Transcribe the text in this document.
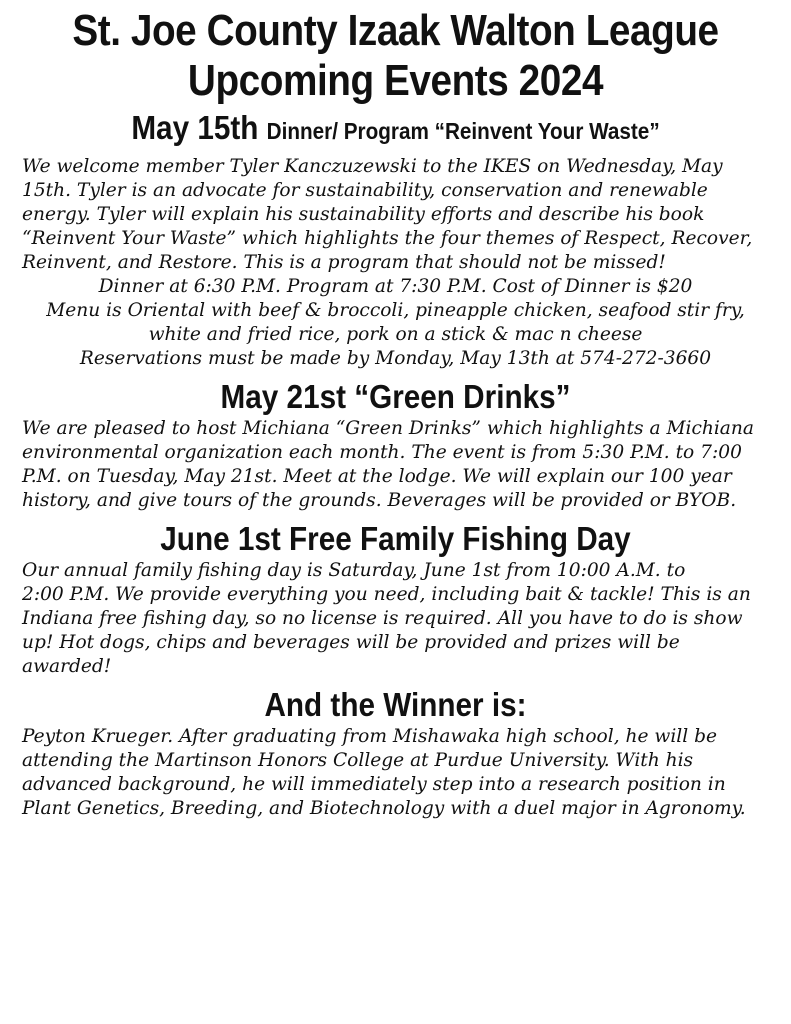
St. Joe County Izaak Walton League
Upcoming Events 2024
May 15th Dinner/ Program “Reinvent Your Waste”
We welcome member Tyler Kanczuzewski to the IKES on Wednesday, May
15th. Tyler is an advocate for sustainability, conservation and renewable
energy. Tyler will explain his sustainability efforts and describe his book
“Reinvent Your Waste” which highlights the four themes of Respect, Recover,
Reinvent, and Restore. This is a program that should not be missed!
Dinner at 6:30 P.M. Program at 7:30 P.M. Cost of Dinner is $20
Menu is Oriental with beef & broccoli, pineapple chicken, seafood stir fry,
white and fried rice, pork on a stick & mac n cheese
Reservations must be made by Monday, May 13th at 574-272-3660
May 21st “Green Drinks”
We are pleased to host Michiana “Green Drinks” which highlights a Michiana
environmental organization each month. The event is from 5:30 P.M. to 7:00
P.M. on Tuesday, May 21st. Meet at the lodge. We will explain our 100 year
history, and give tours of the grounds. Beverages will be provided or BYOB.
June 1st Free Family Fishing Day
Our annual family fishing day is Saturday, June 1st from 10:00 A.M. to
2:00 P.M. We provide everything you need, including bait & tackle! This is an
Indiana free fishing day, so no license is required. All you have to do is show
up! Hot dogs, chips and beverages will be provided and prizes will be awarded!
And the Winner is:
Peyton Krueger. After graduating from Mishawaka high school, he will be
attending the Martinson Honors College at Purdue University. With his
advanced background, he will immediately step into a research position in
Plant Genetics, Breeding, and Biotechnology with a duel major in Agronomy.
